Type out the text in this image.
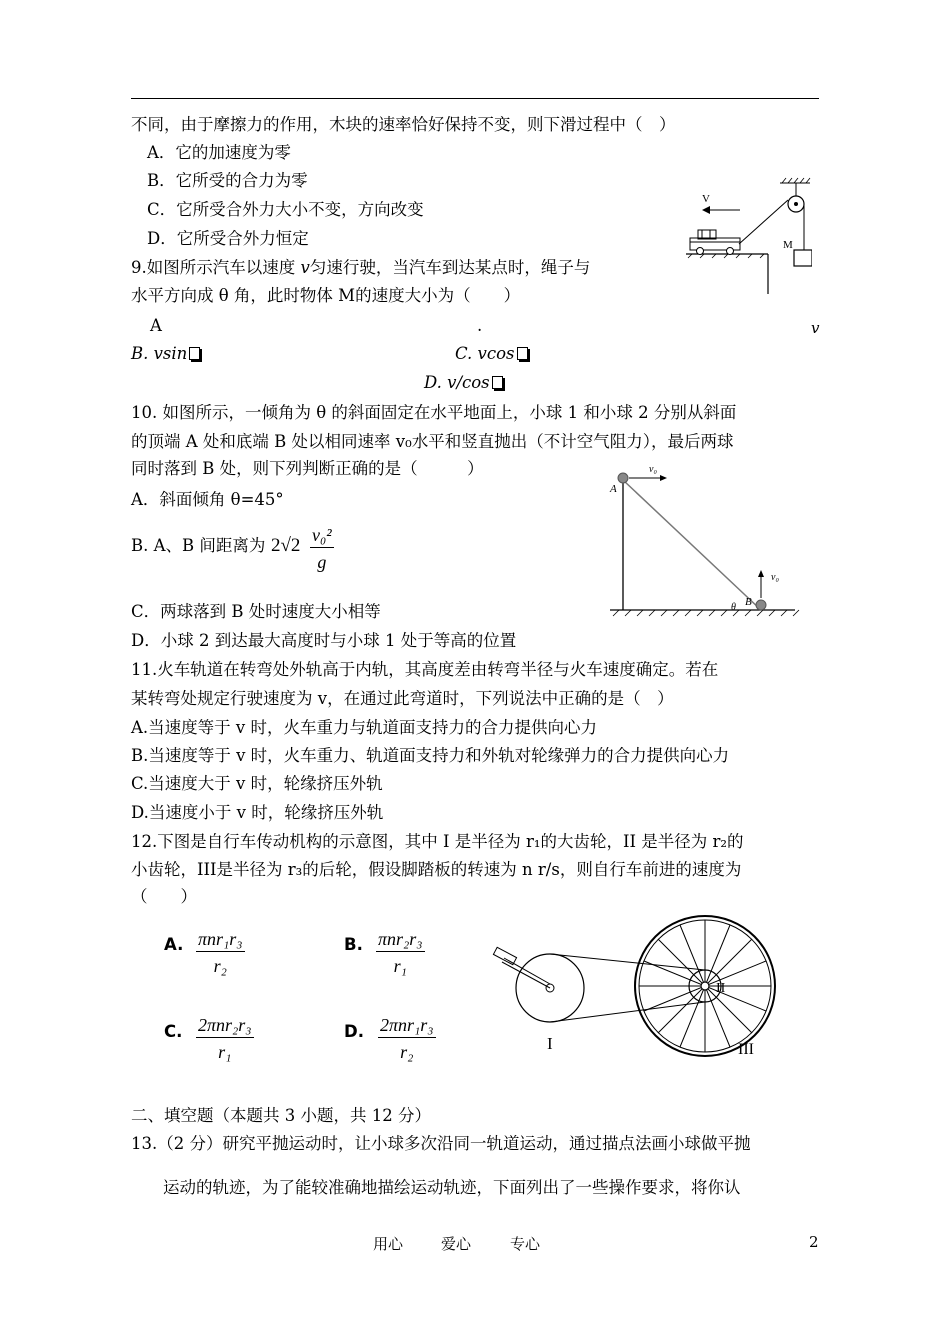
不同，由于摩擦力的作用，木块的速率恰好保持不变，则下滑过程中（　）
A．它的加速度为零
B．它所受的合力为零
C．它所受合外力大小不变，方向改变
D．它所受合外力恒定
9.如图所示汽车以速度 v匀速行驶，当汽车到达某点时，绳子与
水平方向成 θ 角，此时物体 M的速度大小为（　　）
A	.	v
B. vsin	C. vcos
D. v/cos
M
V
10. 如图所示，一倾角为 θ 的斜面固定在水平地面上，小球 1 和小球 2 分别从斜面
的顶端 A 处和底端 B 处以相同速率 v₀水平和竖直抛出（不计空气阻力），最后两球
同时落到 B 处，则下列判断正确的是（　　　）
A．斜面倾角 θ=45°
B. A、B 间距离为 2√2 v₀²
g
C．两球落到 B 处时速度大小相等
D．小球 2 到达最大高度时与小球 1 处于等高的位置
A
B
θ
v₀
v₀
11.火车轨道在转弯处外轨高于内轨，其高度差由转弯半径与火车速度确定。若在
某转弯处规定行驶速度为 v，在通过此弯道时，下列说法中正确的是（　）
A.当速度等于 v 时，火车重力与轨道面支持力的合力提供向心力
B.当速度等于 v 时，火车重力、轨道面支持力和外轨对轮缘弹力的合力提供向心力
C.当速度大于 v 时，轮缘挤压外轨
D.当速度小于 v 时，轮缘挤压外轨
12.下图是自行车传动机构的示意图，其中 I 是半径为 r₁的大齿轮，II 是半径为 r₂的
小齿轮，III是半径为 r₃的后轮，假设脚踏板的转速为 n r/s，则自行车前进的速度为
（　　）
A. πnr₁r₃
r₂
B. πnr₂r₃
r₁
C. 2πnr₂r₃
r₁
D. 2πnr₁r₃
r₂	I
II
III
二、填空题（本题共 3 小题，共 12 分）
13.（2 分）研究平抛运动时，让小球多次沿同一轨道运动，通过描点法画小球做平抛
运动的轨迹，为了能较准确地描绘运动轨迹，下面列出了一些操作要求，将你认
用心	爱心	专心	2
